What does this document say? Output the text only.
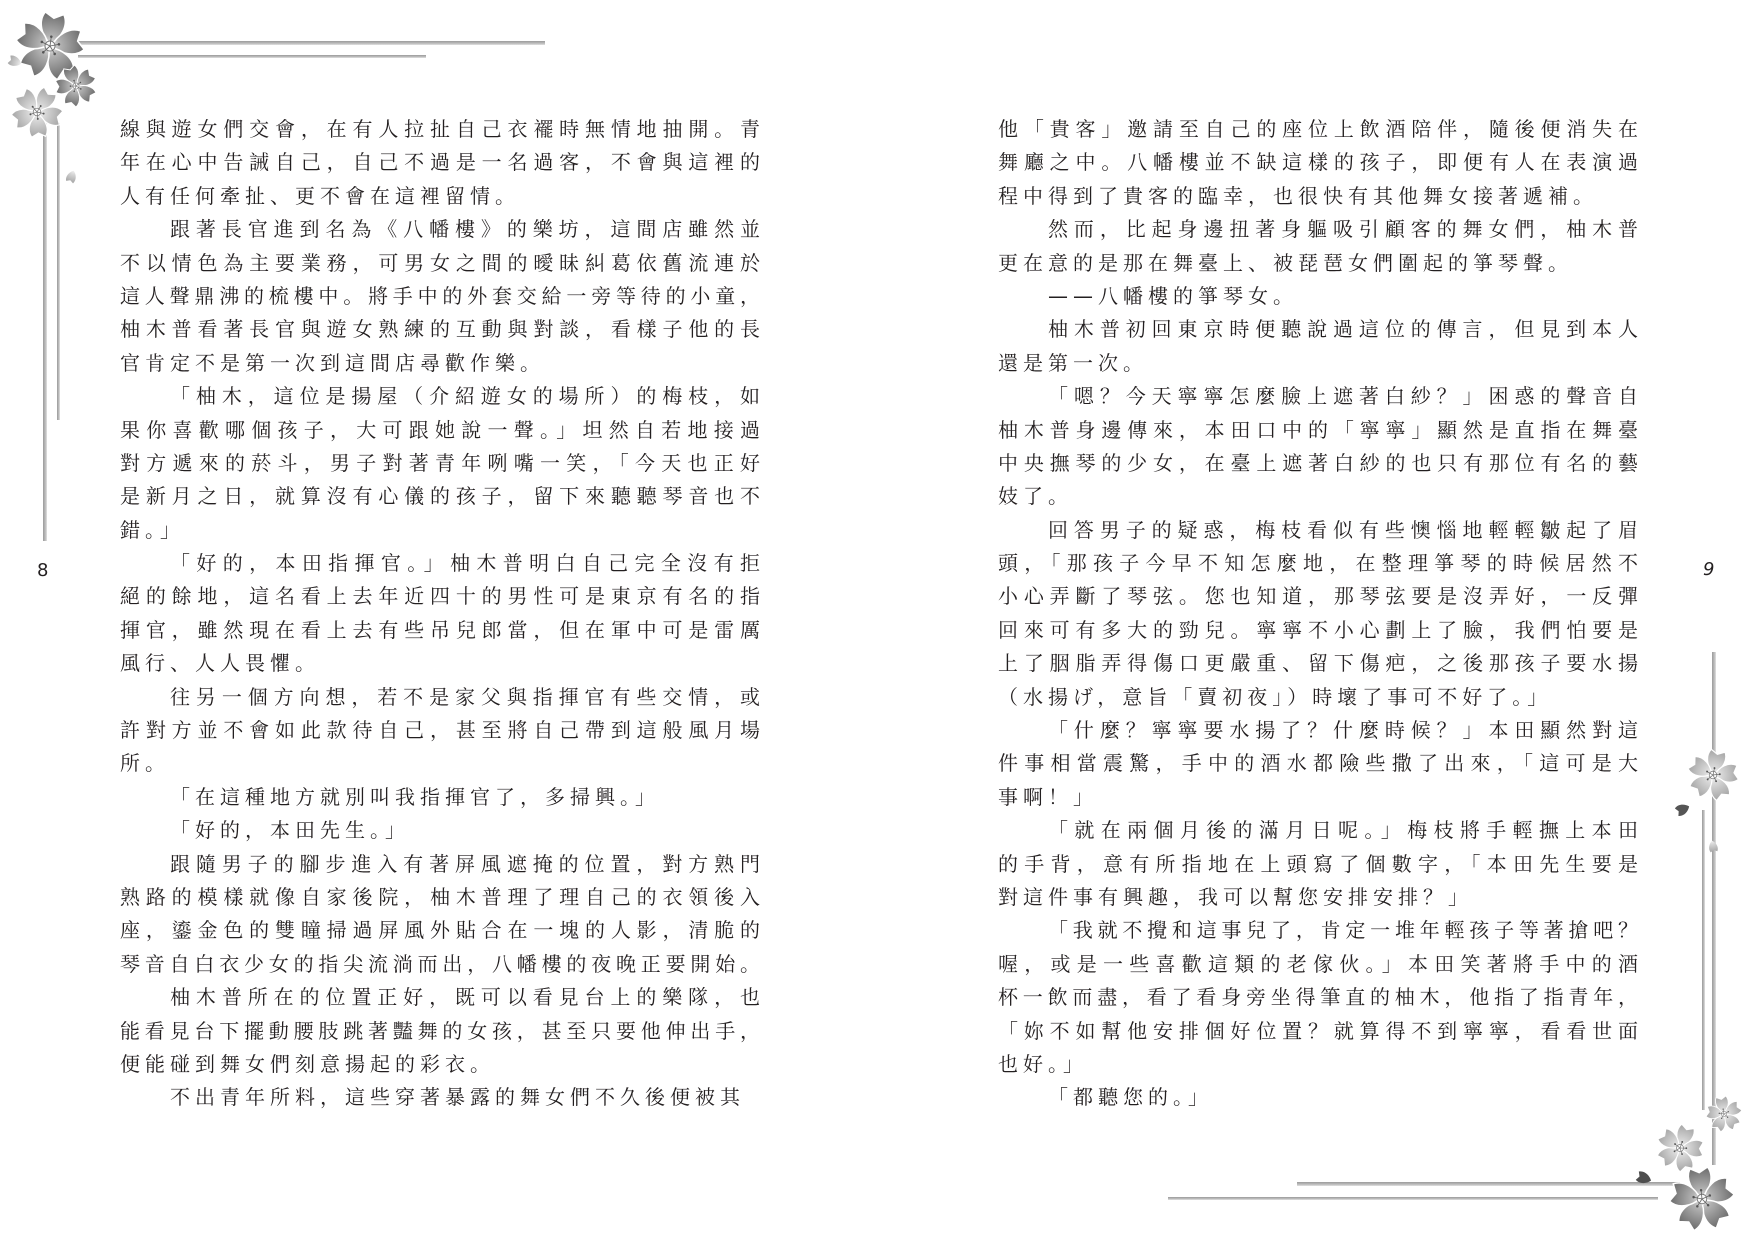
線與遊女們交會，在有人拉扯自己衣襬時無情地抽開。青
年在心中告誡自己，自己不過是一名過客，不會與這裡的
人有任何牽扯、更不會在這裡留情。
跟著長官進到名為《八幡樓》的樂坊，這間店雖然並
不以情色為主要業務，可男女之間的曖昧糾葛依舊流連於
這人聲鼎沸的梳樓中。將手中的外套交給一旁等待的小童，
柚木普看著長官與遊女熟練的互動與對談，看樣子他的長
官肯定不是第一次到這間店尋歡作樂。
「柚木，這位是揚屋（介紹遊女的場所）的梅枝，如
果你喜歡哪個孩子，大可跟她說一聲。」坦然自若地接過
對方遞來的菸斗，男子對著青年咧嘴一笑，「今天也正好
是新月之日，就算沒有心儀的孩子，留下來聽聽琴音也不
錯。」
「好的，本田指揮官。」柚木普明白自己完全沒有拒
絕的餘地，這名看上去年近四十的男性可是東京有名的指
揮官，雖然現在看上去有些吊兒郎當，但在軍中可是雷厲
風行、人人畏懼。
往另一個方向想，若不是家父與指揮官有些交情，或
許對方並不會如此款待自己，甚至將自己帶到這般風月場
所。
「在這種地方就別叫我指揮官了，多掃興。」
「好的，本田先生。」
跟隨男子的腳步進入有著屏風遮掩的位置，對方熟門
熟路的模樣就像自家後院，柚木普理了理自己的衣領後入
座，鎏金色的雙瞳掃過屏風外貼合在一塊的人影，清脆的
琴音自白衣少女的指尖流淌而出，八幡樓的夜晚正要開始。
柚木普所在的位置正好，既可以看見台上的樂隊，也
能看見台下擺動腰肢跳著豔舞的女孩，甚至只要他伸出手，
便能碰到舞女們刻意揚起的彩衣。
不出青年所料，這些穿著暴露的舞女們不久後便被其
8
他「貴客」邀請至自己的座位上飲酒陪伴，隨後便消失在
舞廳之中。八幡樓並不缺這樣的孩子，即便有人在表演過
程中得到了貴客的臨幸，也很快有其他舞女接著遞補。
然而，比起身邊扭著身軀吸引顧客的舞女們，柚木普
更在意的是那在舞臺上、被琵琶女們圍起的箏琴聲。
——八幡樓的箏琴女。
柚木普初回東京時便聽說過這位的傳言，但見到本人
還是第一次。
「嗯？今天寧寧怎麼臉上遮著白紗？」困惑的聲音自
柚木普身邊傳來，本田口中的「寧寧」顯然是直指在舞臺
中央撫琴的少女，在臺上遮著白紗的也只有那位有名的藝
妓了。
回答男子的疑惑，梅枝看似有些懊惱地輕輕皺起了眉
頭，「那孩子今早不知怎麼地，在整理箏琴的時候居然不
小心弄斷了琴弦。您也知道，那琴弦要是沒弄好，一反彈
回來可有多大的勁兒。寧寧不小心劃上了臉，我們怕要是
上了胭脂弄得傷口更嚴重、留下傷疤，之後那孩子要水揚
（水揚げ，意旨「賣初夜」）時壞了事可不好了。」
「什麼？寧寧要水揚了？什麼時候？」本田顯然對這
件事相當震驚，手中的酒水都險些撒了出來，「這可是大
事啊！」
「就在兩個月後的滿月日呢。」梅枝將手輕撫上本田
的手背，意有所指地在上頭寫了個數字，「本田先生要是
對這件事有興趣，我可以幫您安排安排？」
「我就不攪和這事兒了，肯定一堆年輕孩子等著搶吧？
喔，或是一些喜歡這類的老傢伙。」本田笑著將手中的酒
杯一飲而盡，看了看身旁坐得筆直的柚木，他指了指青年，
「妳不如幫他安排個好位置？就算得不到寧寧，看看世面
也好。」
「都聽您的。」
9
